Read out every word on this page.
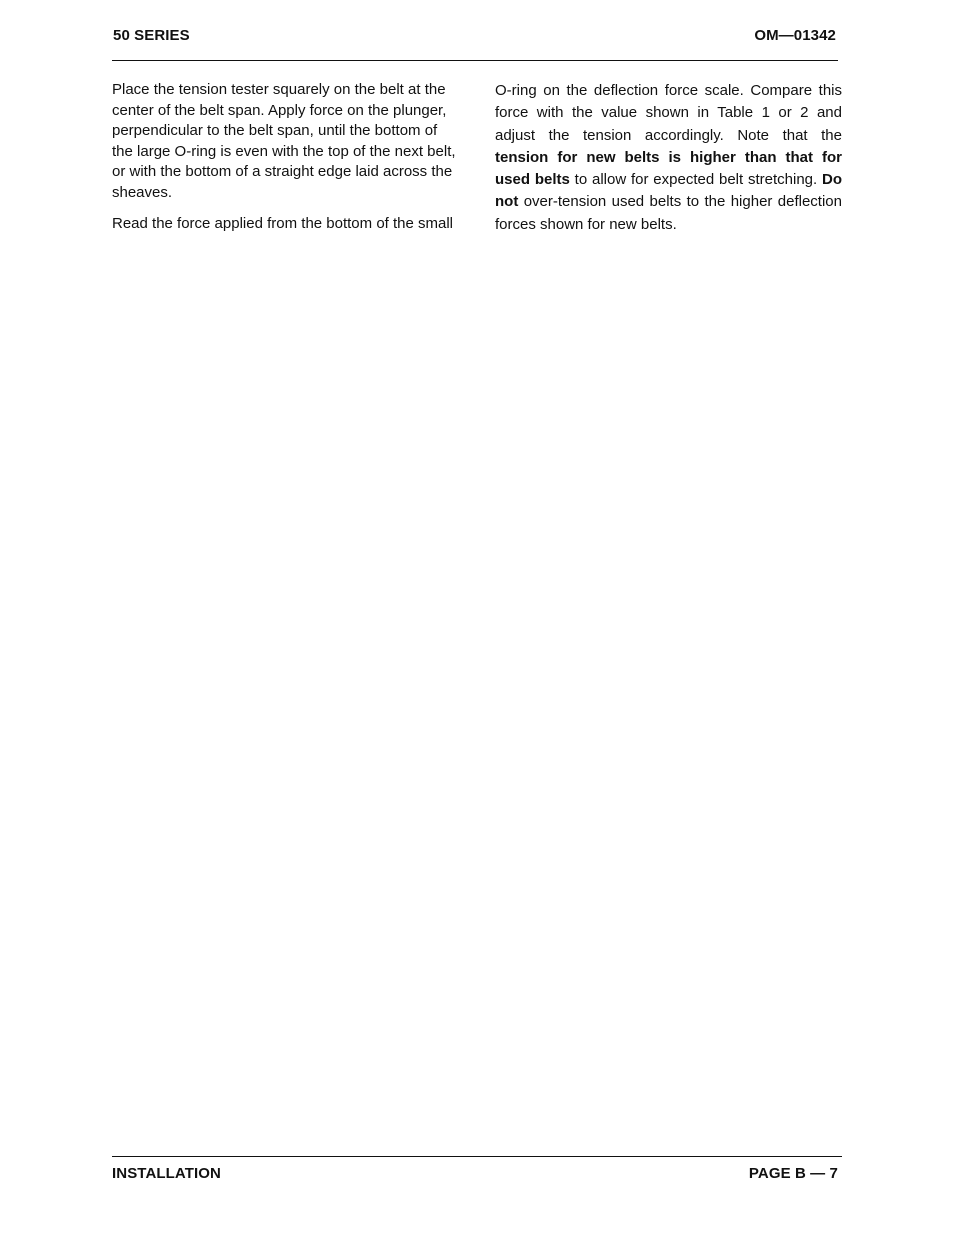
50 SERIES	OM—01342

Place the tension tester squarely on the belt at the center of the belt span. Apply force on the plunger, perpendicular to the belt span, until the bottom of the large O-ring is even with the top of the next belt, or with the bottom of a straight edge laid across the sheaves.

Read the force applied from the bottom of the small

O-ring on the deflection force scale. Compare this force with the value shown in Table 1 or 2 and adjust the tension accordingly. Note that the tension for new belts is higher than that for used belts to allow for expected belt stretching. Do not over-tension used belts to the higher deflection forces shown for new belts.

INSTALLATION	PAGE B — 7
